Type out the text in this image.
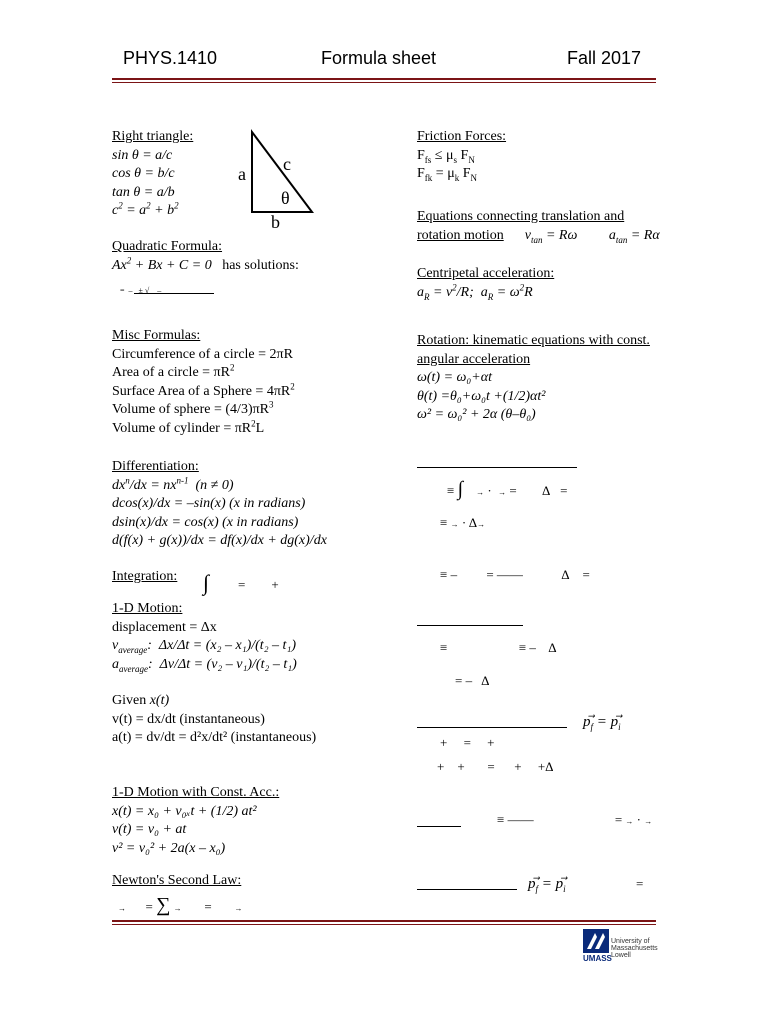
PHYS.1410	Formula sheet	Fall 2017
Right triangle:
sin θ = a/c
cos θ = b/c
tan θ = a/b
$c^2 = a^2 + b^2$
a c
θ
b
Quadratic Formula:
$Ax^2 + Bx + C = 0$ has solutions:
=  –   ± √    –
Misc Formulas:
Circumference of a circle = 2πR
Area of a circle = $\pi R^2$
Surface Area of a Sphere = $4\pi R^2$
Volume of sphere = $(4/3)\pi R^3$
Volume of cylinder = $\pi R^2L$
Differentiation:
$dx^n/dx = nx^{n-1}$  (n ≠ 0)
dcos(x)/dx = –sin(x) (x in radians)
dsin(x)/dx = cos(x) (x in radians)
d(f(x) + g(x))/dx = df(x)/dx + dg(x)/dx
Integration: ∫ =        +
1-D Motion:
displacement = Δx
$v_{average}$:  Δx/Δt = (x₂ – x₁)/(t₂ – t₁)
$a_{average}$:  Δv/Δt = (v₂ – v₁)/(t₂ – t₁)
Given x(t)
v(t) = dx/dt (instantaneous)
a(t) = dv/dt = d²x/dt² (instantaneous)
1-D Motion with Const. Acc.:
x(t) = x₀ + v₀ₓt + (1/2) at²
v(t) = v₀ + at
v² = v₀² + 2a(x – x₀)
Newton's Second Law:
→      = ∑ →       =       →
Friction Forces:
$F_{fs} \le \mu_s$ $F_N$
$F_{fk} = \mu_k$ $F_N$
Equations connecting translation and
rotation motion $v_{tan} = R\omega$ $a_{tan} = R\alpha$
Centripetal acceleration:
$a_R = v^2/R$;  $a_R = \omega^2R$
Rotation: kinematic equations with const.
angular acceleration
ω(t) = ω₀+αt
θ(t) =θ₀+ω₀t +(1/2)αt²
ω² = ω₀² + 2α (θ–θ₀)
≡ ∫ → ·  → =        Δ   =
≡ → · Δ→
≡ –         = ——            Δ    =
≡                      ≡ –    Δ
= –   Δ
$p_f⃗ = p_i$
+     =     +
+    +       =      +     +Δ
≡ ——                         = → · →
$p_f⃗ = p_i$	=
UMASS
University of
Massachusetts
Lowell
